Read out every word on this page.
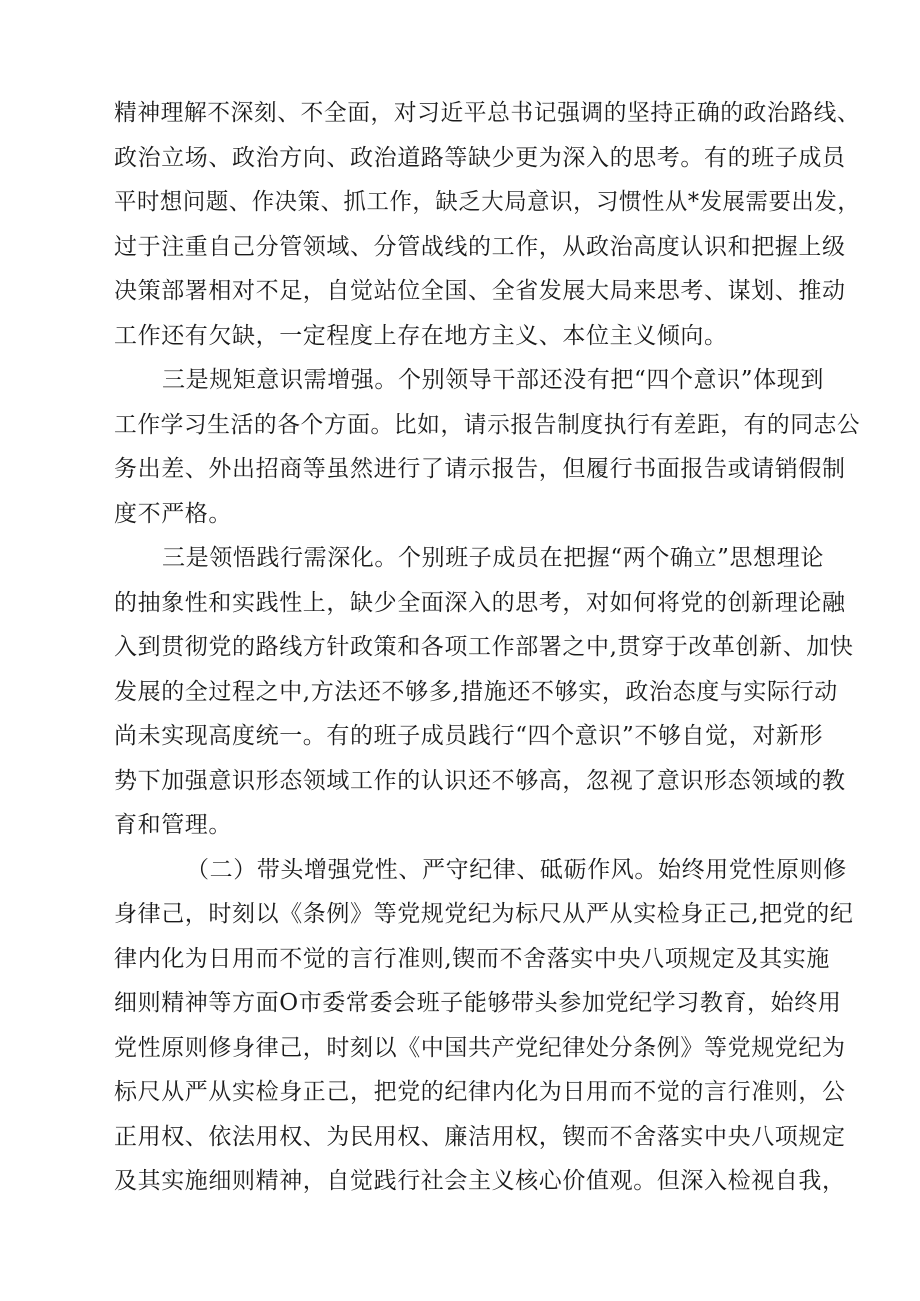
精神理解不深刻、不全面，对习近平总书记强调的坚持正确的政治路线、
政治立场、政治方向、政治道路等缺少更为深入的思考。有的班子成员
平时想问题、作决策、抓工作，缺乏大局意识，习惯性从*发展需要出发，
过于注重自己分管领域、分管战线的工作，从政治高度认识和把握上级
决策部署相对不足，自觉站位全国、全省发展大局来思考、谋划、推动
工作还有欠缺，一定程度上存在地方主义、本位主义倾向。
三是规矩意识需增强。个别领导干部还没有把“四个意识”体现到
工作学习生活的各个方面。比如，请示报告制度执行有差距，有的同志公
务出差、外出招商等虽然进行了请示报告，但履行书面报告或请销假制
度不严格。
三是领悟践行需深化。个别班子成员在把握“两个确立”思想理论
的抽象性和实践性上，缺少全面深入的思考，对如何将党的创新理论融
入到贯彻党的路线方针政策和各项工作部署之中,贯穿于改革创新、加快
发展的全过程之中,方法还不够多,措施还不够实，政治态度与实际行动
尚未实现高度统一。有的班子成员践行“四个意识”不够自觉，对新形
势下加强意识形态领域工作的认识还不够高，忽视了意识形态领域的教
育和管理。
（二）带头增强党性、严守纪律、砥砺作风。始终用党性原则修
身律己，时刻以《条例》等党规党纪为标尺从严从实检身正己,把党的纪
律内化为日用而不觉的言行准则,锲而不舍落实中央八项规定及其实施
细则精神等方面O市委常委会班子能够带头参加党纪学习教育，始终用
党性原则修身律己，时刻以《中国共产党纪律处分条例》等党规党纪为
标尺从严从实检身正己，把党的纪律内化为日用而不觉的言行准则，公
正用权、依法用权、为民用权、廉洁用权，锲而不舍落实中央八项规定
及其实施细则精神，自觉践行社会主义核心价值观。但深入检视自我，
